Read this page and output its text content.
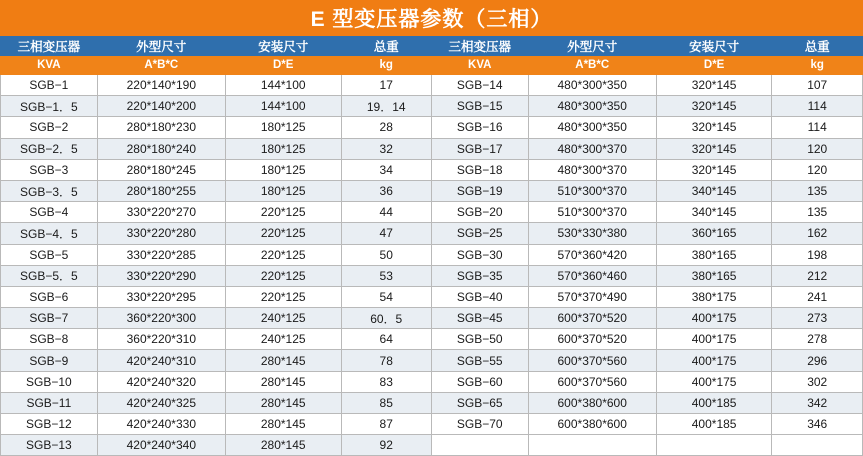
E 型变压器参数（三相）							
三相变压器	外型尺寸	安装尺寸	总重	三相变压器	外型尺寸	安装尺寸	总重
KVA	A*B*C	D*E	kg	KVA	A*B*C	D*E	kg
SGB−1	220*140*190	144*100	17	SGB−14	480*300*350	320*145	107
SGB−1．5	220*140*200	144*100	19．14	SGB−15	480*300*350	320*145	114
SGB−2	280*180*230	180*125	28	SGB−16	480*300*350	320*145	114
SGB−2．5	280*180*240	180*125	32	SGB−17	480*300*370	320*145	120
SGB−3	280*180*245	180*125	34	SGB−18	480*300*370	320*145	120
SGB−3．5	280*180*255	180*125	36	SGB−19	510*300*370	340*145	135
SGB−4	330*220*270	220*125	44	SGB−20	510*300*370	340*145	135
SGB−4．5	330*220*280	220*125	47	SGB−25	530*330*380	360*165	162
SGB−5	330*220*285	220*125	50	SGB−30	570*360*420	380*165	198
SGB−5．5	330*220*290	220*125	53	SGB−35	570*360*460	380*165	212
SGB−6	330*220*295	220*125	54	SGB−40	570*370*490	380*175	241
SGB−7	360*220*300	240*125	60．5	SGB−45	600*370*520	400*175	273
SGB−8	360*220*310	240*125	64	SGB−50	600*370*520	400*175	278
SGB−9	420*240*310	280*145	78	SGB−55	600*370*560	400*175	296
SGB−10	420*240*320	280*145	83	SGB−60	600*370*560	400*175	302
SGB−11	420*240*325	280*145	85	SGB−65	600*380*600	400*185	342
SGB−12	420*240*330	280*145	87	SGB−70	600*380*600	400*185	346
SGB−13	420*240*340	280*145	92				
